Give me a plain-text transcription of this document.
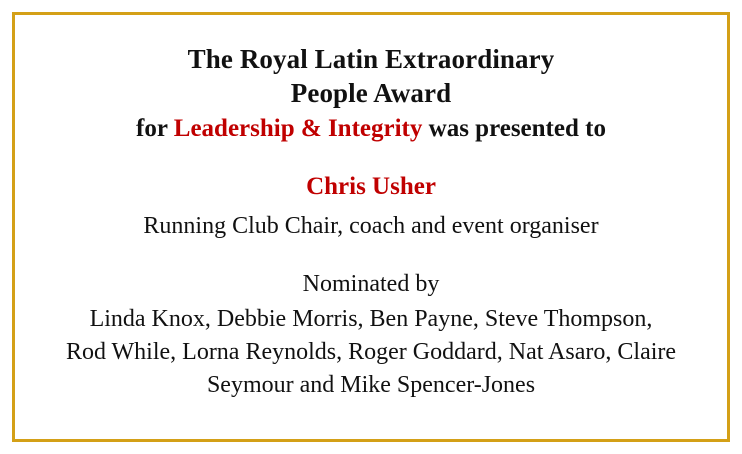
The Royal Latin Extraordinary
People Award

for Leadership & Integrity was presented to

Chris Usher

Running Club Chair, coach and event organiser

Nominated by

Linda Knox, Debbie Morris, Ben Payne, Steve Thompson,
Rod While, Lorna Reynolds, Roger Goddard, Nat Asaro, Claire
Seymour and Mike Spencer-Jones
